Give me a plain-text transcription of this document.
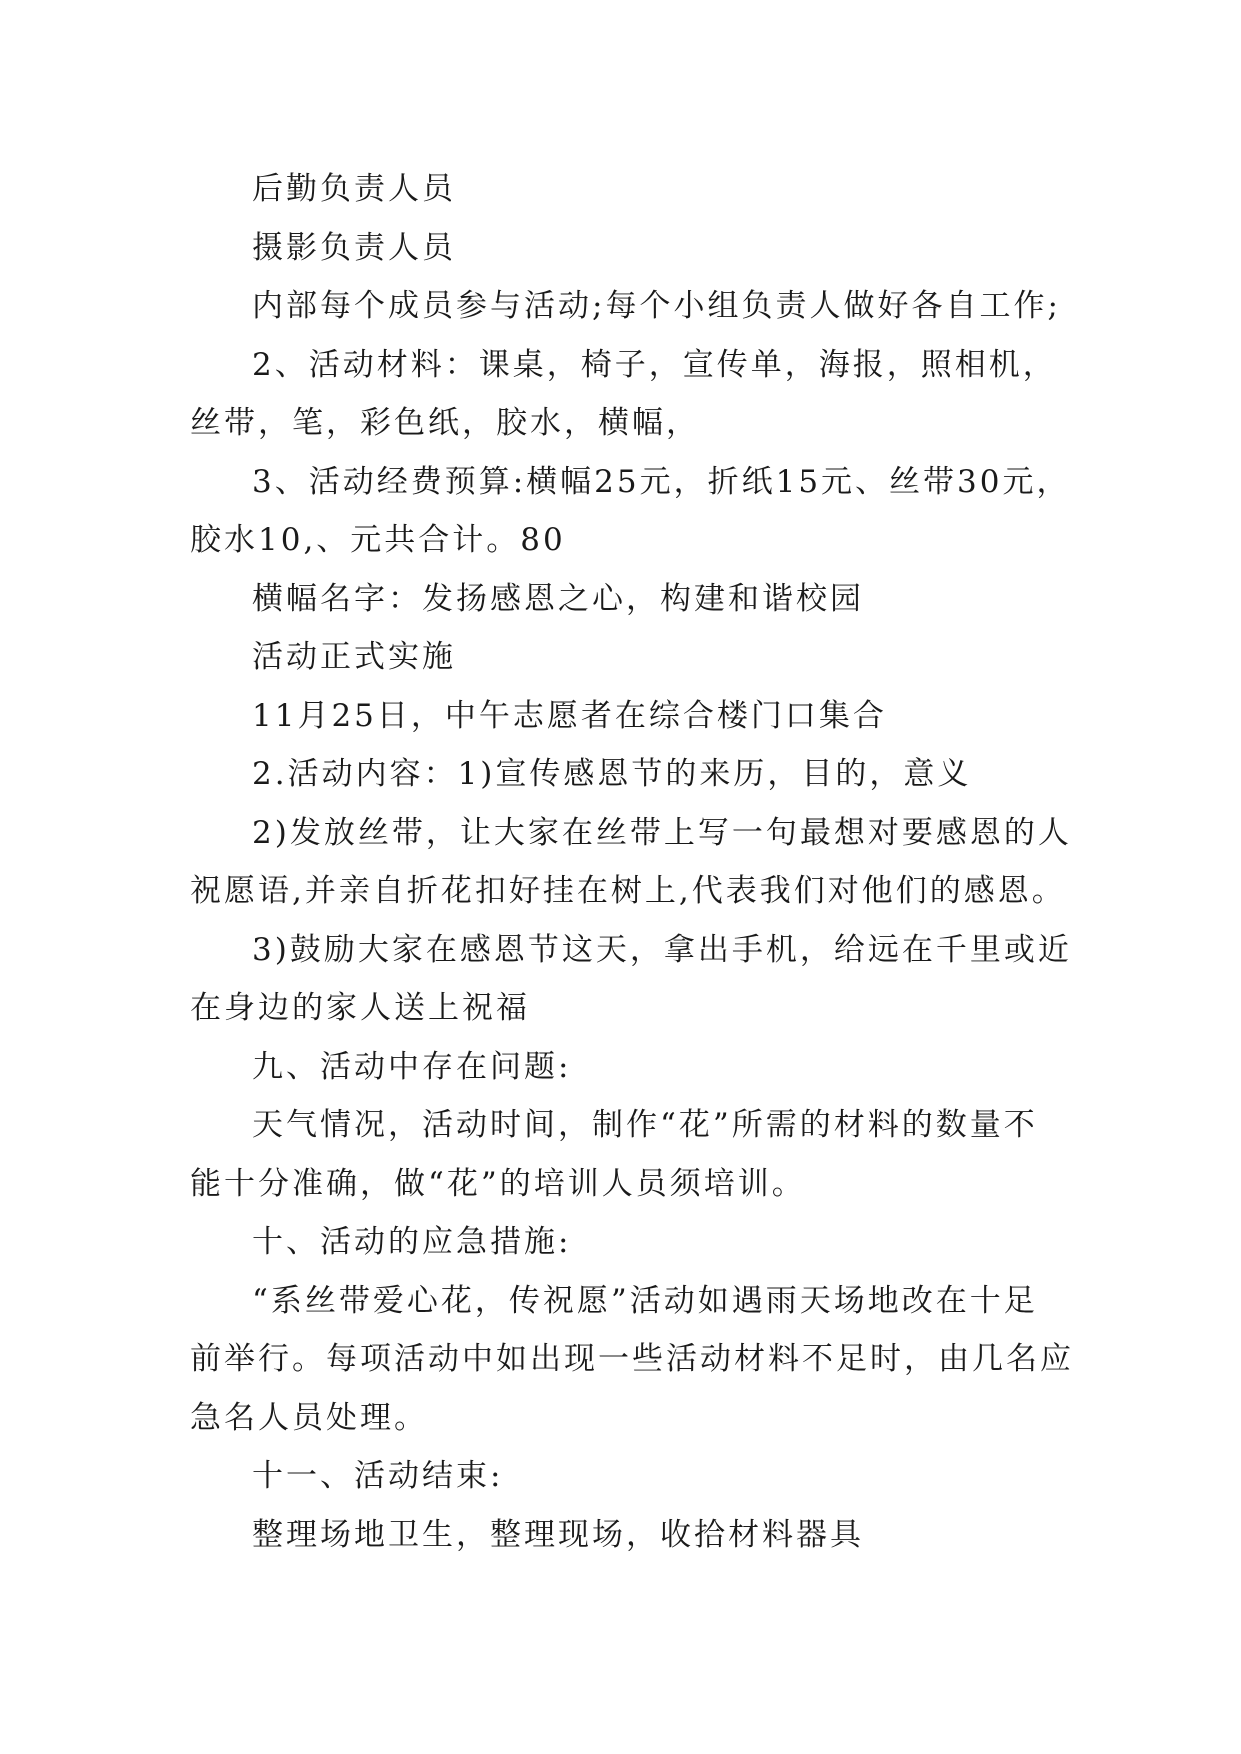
后勤负责人员

摄影负责人员

内部每个成员参与活动;每个小组负责人做好各自工作;

2、活动材料：课桌，椅子，宣传单，海报，照相机，
丝带，笔，彩色纸，胶水，横幅，

3、活动经费预算:横幅25元，折纸15元、丝带30元，
胶水10,、元共合计。80

横幅名字：发扬感恩之心，构建和谐校园

活动正式实施

11月25日，中午志愿者在综合楼门口集合

2.活动内容：1)宣传感恩节的来历，目的，意义

2)发放丝带，让大家在丝带上写一句最想对要感恩的人
祝愿语,并亲自折花扣好挂在树上,代表我们对他们的感恩。

3)鼓励大家在感恩节这天，拿出手机，给远在千里或近
在身边的家人送上祝福

九、活动中存在问题:

天气情况，活动时间，制作“花”所需的材料的数量不
能十分准确，做“花”的培训人员须培训。

十、活动的应急措施:

“系丝带爱心花，传祝愿”活动如遇雨天场地改在十足
前举行。每项活动中如出现一些活动材料不足时，由几名应
急名人员处理。

十一、活动结束:

整理场地卫生，整理现场，收拾材料器具
